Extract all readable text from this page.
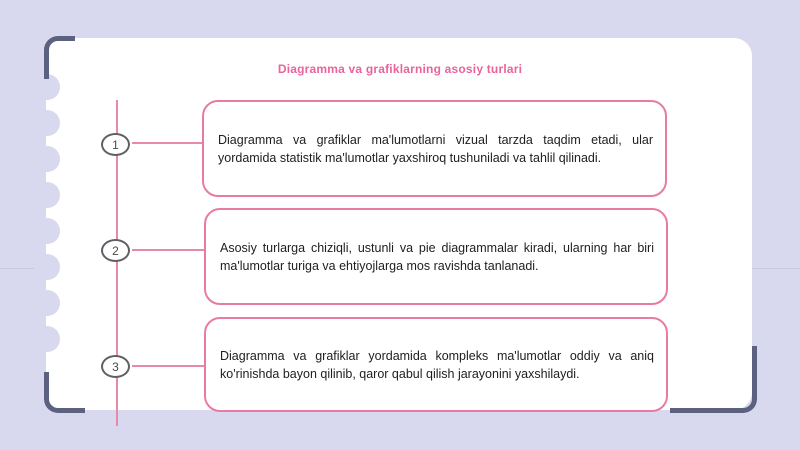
Diagramma va grafiklarning asosiy turlari
1	Diagramma va grafiklar ma'lumotlarni vizual tarzda taqdim etadi, ular yordamida statistik ma'lumotlar yaxshiroq tushuniladi va tahlil qilinadi.
2	Asosiy turlarga chiziqli, ustunli va pie diagrammalar kiradi, ularning har biri ma'lumotlar turiga va ehtiyojlarga mos ravishda tanlanadi.
3
Diagramma va grafiklar yordamida kompleks ma'lumotlar oddiy va aniq ko'rinishda bayon qilinib, qaror qabul qilish jarayonini yaxshilaydi.
